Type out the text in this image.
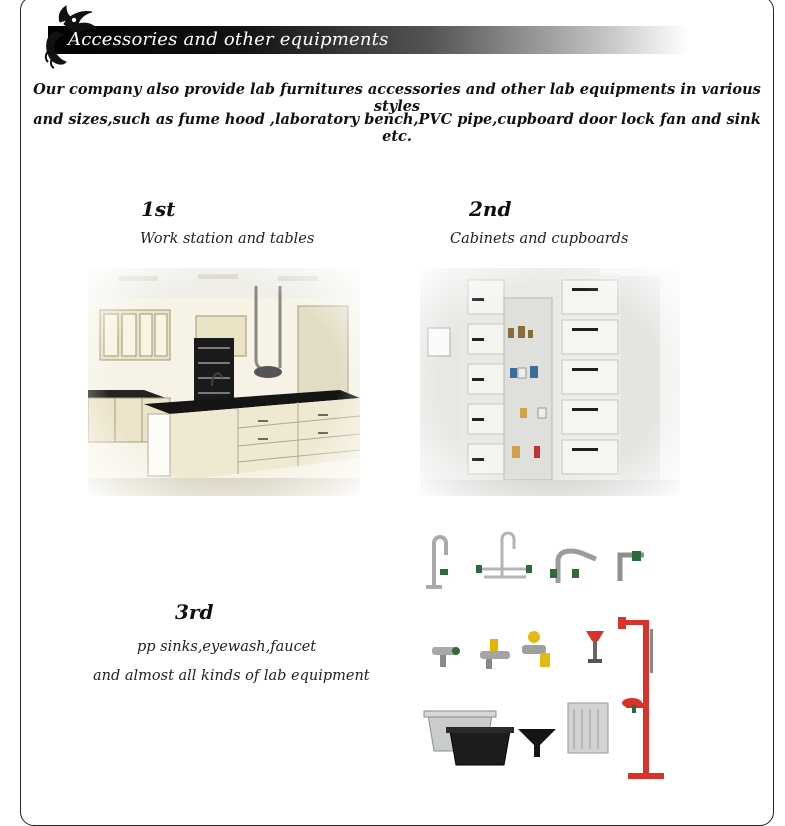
Accessories and other equipments
Our company also provide lab furnitures accessories and other lab equipments in various styles
and sizes,such as fume hood ,laboratory bench,PVC pipe,cupboard door lock fan and sink etc.
1st
Work station and tables
2nd
Cabinets and cupboards
3rd
pp sinks,eyewash,faucet
and almost all kinds of lab equipment
